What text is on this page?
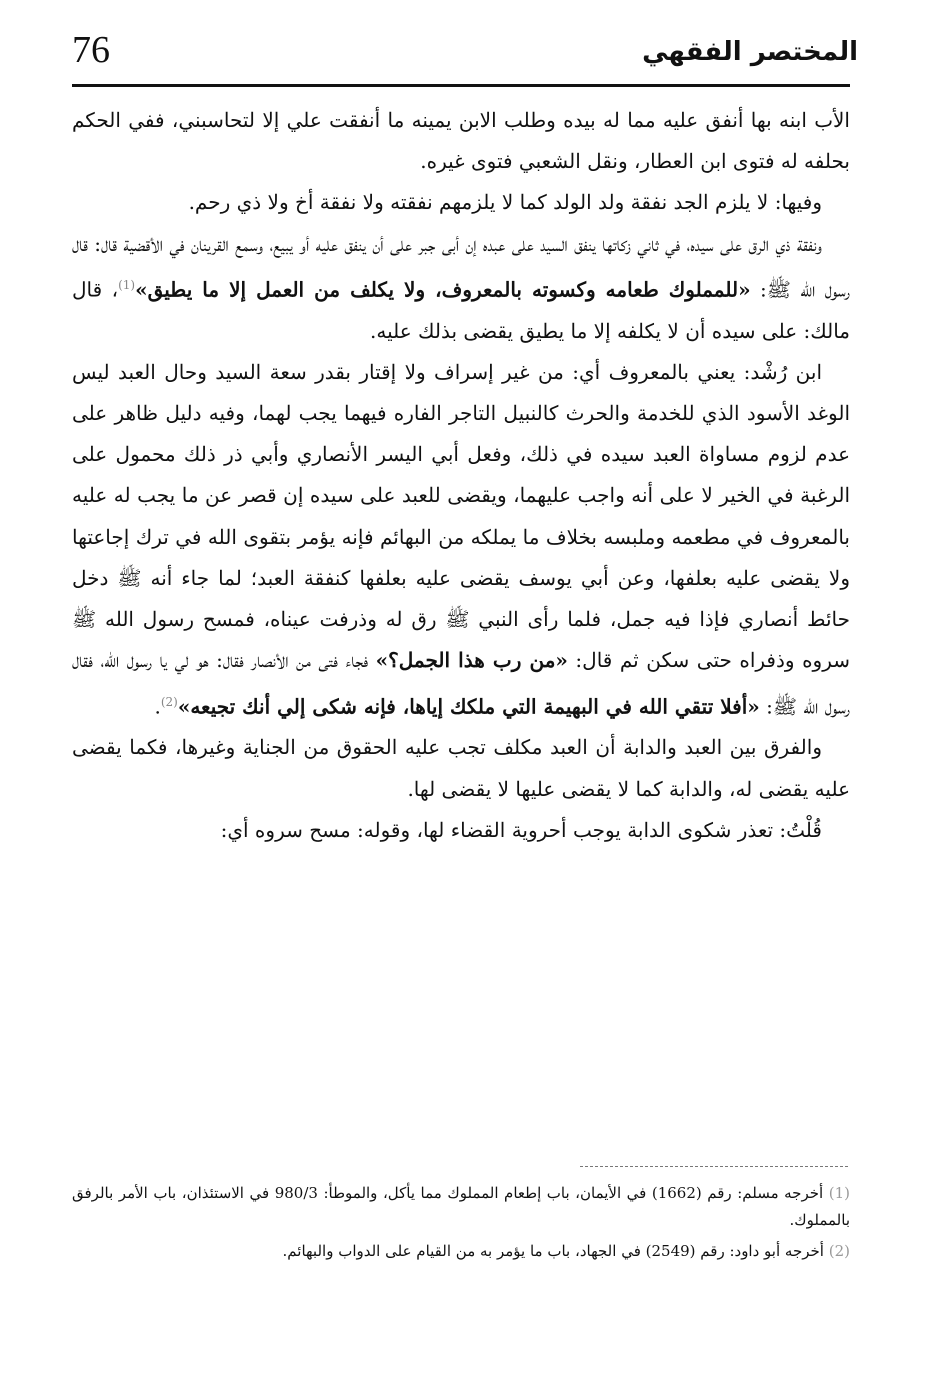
76	المختصر الفقهي

الأب ابنه بها أنفق عليه مما له بيده وطلب الابن يمينه ما أنفقت علي إلا لتحاسبني، ففي الحكم بحلفه له فتوى ابن العطار، ونقل الشعبي فتوى غيره.

وفيها: لا يلزم الجد نفقة ولد الولد كما لا يلزمهم نفقته ولا نفقة أخ ولا ذي رحم.

ونفقة ذي الرق على سيده، في ثاني زكاتها ينفق السيد على عبده إن أبى جبر على أن ينفق عليه أو يبيع، وسمع القرينان في الأقضية قال: قال رسول الله ﷺ: «للمملوك طعامه وكسوته بالمعروف، ولا يكلف من العمل إلا ما يطيق»$^{(1)}$، قال مالك: على سيده أن لا يكلفه إلا ما يطيق يقضى بذلك عليه.

ابن رُشْد: يعني بالمعروف أي: من غير إسراف ولا إقتار بقدر سعة السيد وحال العبد ليس الوغد الأسود الذي للخدمة والحرث كالنبيل التاجر الفاره فيهما يجب لهما، وفيه دليل ظاهر على عدم لزوم مساواة العبد سيده في ذلك، وفعل أبي اليسر الأنصاري وأبي ذر ذلك محمول على الرغبة في الخير لا على أنه واجب عليهما، ويقضى للعبد على سيده إن قصر عن ما يجب له عليه بالمعروف في مطعمه وملبسه بخلاف ما يملكه من البهائم فإنه يؤمر بتقوى الله في ترك إجاعتها ولا يقضى عليه بعلفها، وعن أبي يوسف يقضى عليه بعلفها كنفقة العبد؛ لما جاء أنه ﷺ دخل حائط أنصاري فإذا فيه جمل، فلما رأى النبي ﷺ رق له وذرفت عيناه، فمسح رسول الله ﷺ سروه وذفراه حتى سكن ثم قال: «من رب هذا الجمل؟» فجاء فتى من الأنصار فقال: هو لي يا رسول الله، فقال رسول الله ﷺ: «أفلا تتقي الله في البهيمة التي ملكك إياها، فإنه شكى إلي أنك تجيعه»$^{(2)}$.

والفرق بين العبد والدابة أن العبد مكلف تجب عليه الحقوق من الجناية وغيرها، فكما يقضى عليه يقضى له، والدابة كما لا يقضى عليها لا يقضى لها.

قُلْتُ: تعذر شكوى الدابة يوجب أحروية القضاء لها، وقوله: مسح سروه أي:

(1) أخرجه مسلم: رقم (1662) في الأيمان، باب إطعام المملوك مما يأكل، والموطأ: 980/3 في الاستئذان، باب الأمر بالرفق بالمملوك.

(2) أخرجه أبو داود: رقم (2549) في الجهاد، باب ما يؤمر به من القيام على الدواب والبهائم.
